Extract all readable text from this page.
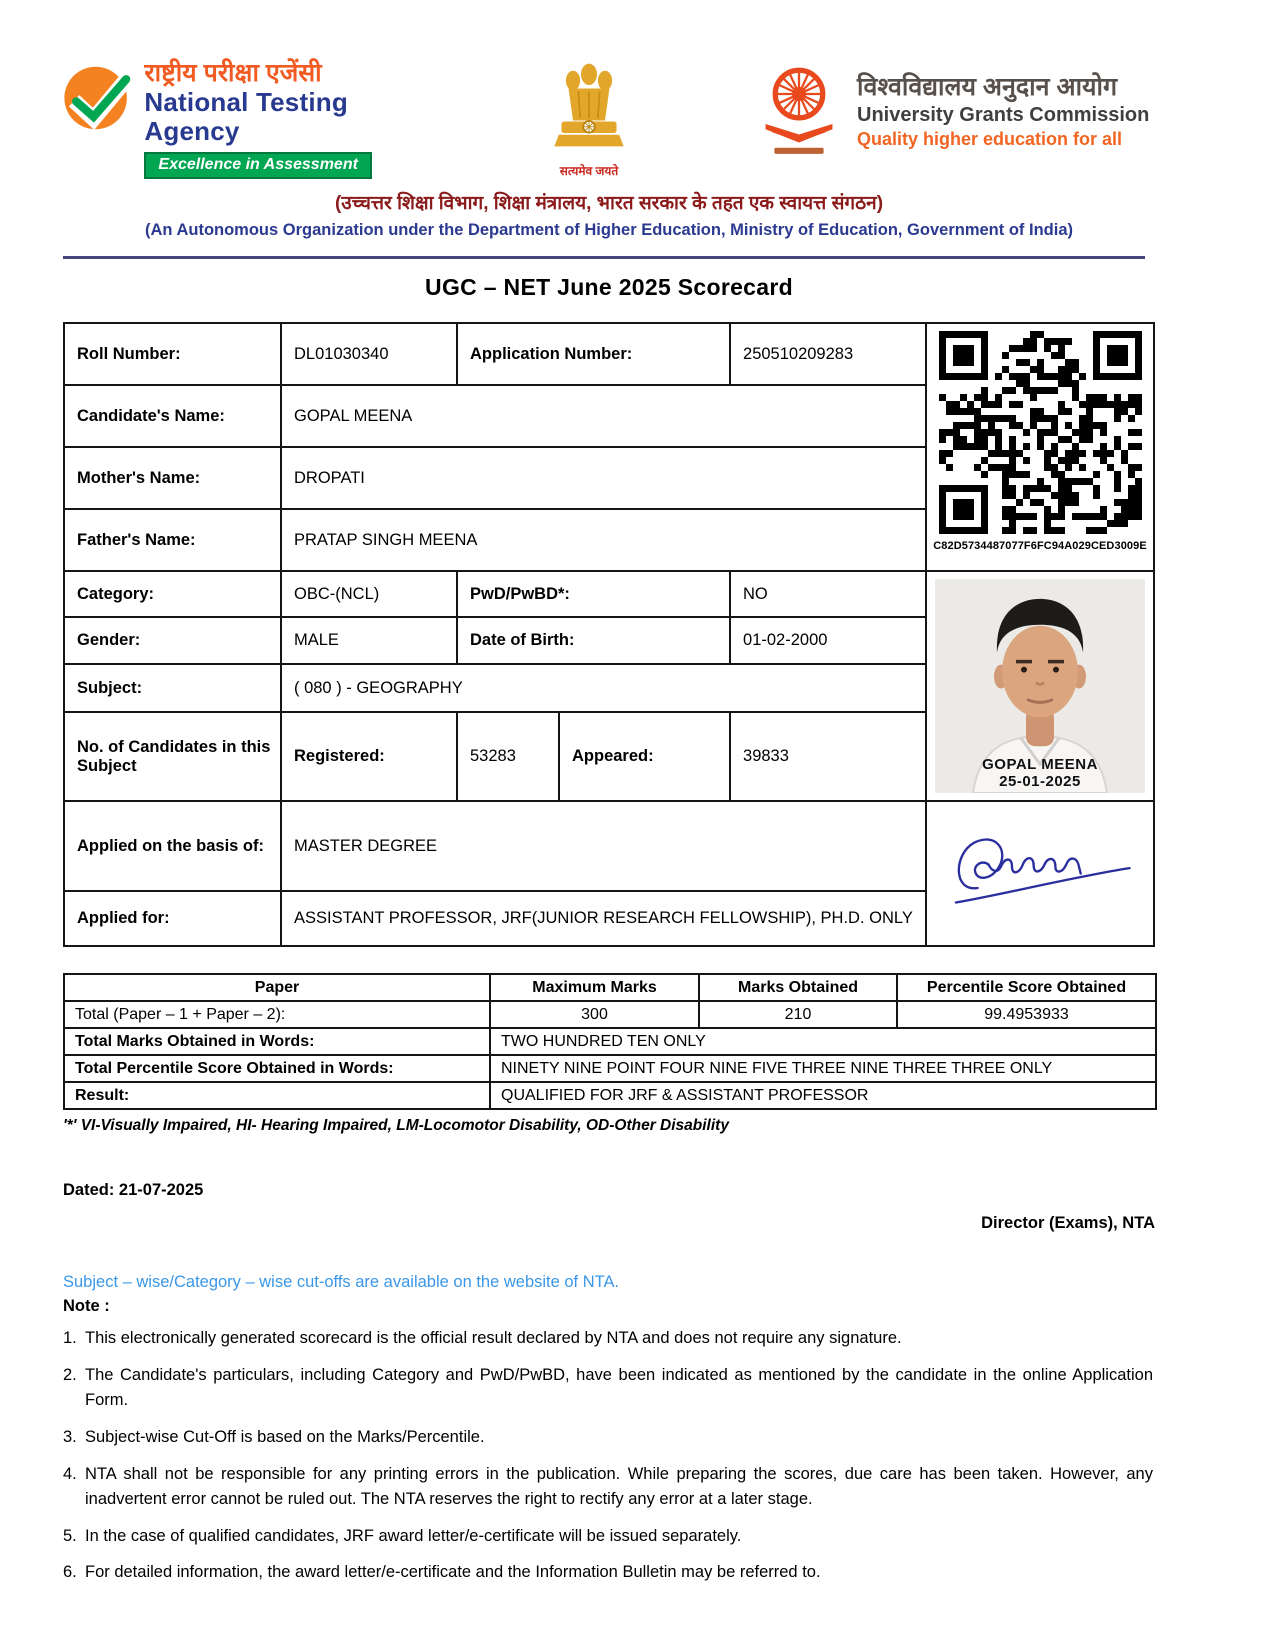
राष्ट्रीय परीक्षा एजेंसी
National Testing Agency
Excellence in Assessment	सत्यमेव जयते
विश्वविद्यालय अनुदान आयोग
University Grants Commission
Quality higher education for all
(उच्चत्तर शिक्षा विभाग, शिक्षा मंत्रालय, भारत सरकार के तहत एक स्वायत्त संगठन)
(An Autonomous Organization under the Department of Higher Education, Ministry of Education, Government of India)
UGC – NET June 2025 Scorecard
Roll Number:	DL01030340	Application Number:		250510209283
Candidate's Name:	GOPAL MEENA			
Mother's Name:	DROPATI			
Father's Name:	PRATAP SINGH MEENA			
Category:	OBC-(NCL)	PwD/PwBD*:		NO
Gender:	MALE	Date of Birth:		01-02-2000
Subject:	( 080 ) - GEOGRAPHY			
No. of Candidates in this Subject	Registered:	53283	Appeared:	39833
Applied on the basis of:	MASTER DEGREE			
Applied for:	ASSISTANT PROFESSOR, JRF(JUNIOR RESEARCH FELLOWSHIP), PH.D. ONLY			
C82D5734487077F6FC94A029CED3009E
GOPAL MEENA
25-01-2025
Paper	Maximum Marks	Marks Obtained	Percentile Score Obtained
Total (Paper – 1 + Paper – 2):	300	210	99.4953933
Total Marks Obtained in Words:	TWO HUNDRED TEN ONLY		
Total Percentile Score Obtained in Words:	NINETY NINE POINT FOUR NINE FIVE THREE NINE THREE THREE ONLY		
Result:	QUALIFIED FOR JRF & ASSISTANT PROFESSOR		
'*' VI-Visually Impaired, HI- Hearing Impaired, LM-Locomotor Disability, OD-Other Disability
Dated: 21-07-2025
Director (Exams), NTA
Subject – wise/Category – wise cut-offs are available on the website of NTA.
Note :
1. This electronically generated scorecard is the official result declared by NTA and does not require any signature.
2. The Candidate's particulars, including Category and PwD/PwBD, have been indicated as mentioned by the candidate in the online Application Form.
3. Subject-wise Cut-Off is based on the Marks/Percentile.
4. NTA shall not be responsible for any printing errors in the publication. While preparing the scores, due care has been taken. However, any inadvertent error cannot be ruled out. The NTA reserves the right to rectify any error at a later stage.
5. In the case of qualified candidates, JRF award letter/e-certificate will be issued separately.
6. For detailed information, the award letter/e-certificate and the Information Bulletin may be referred to.
